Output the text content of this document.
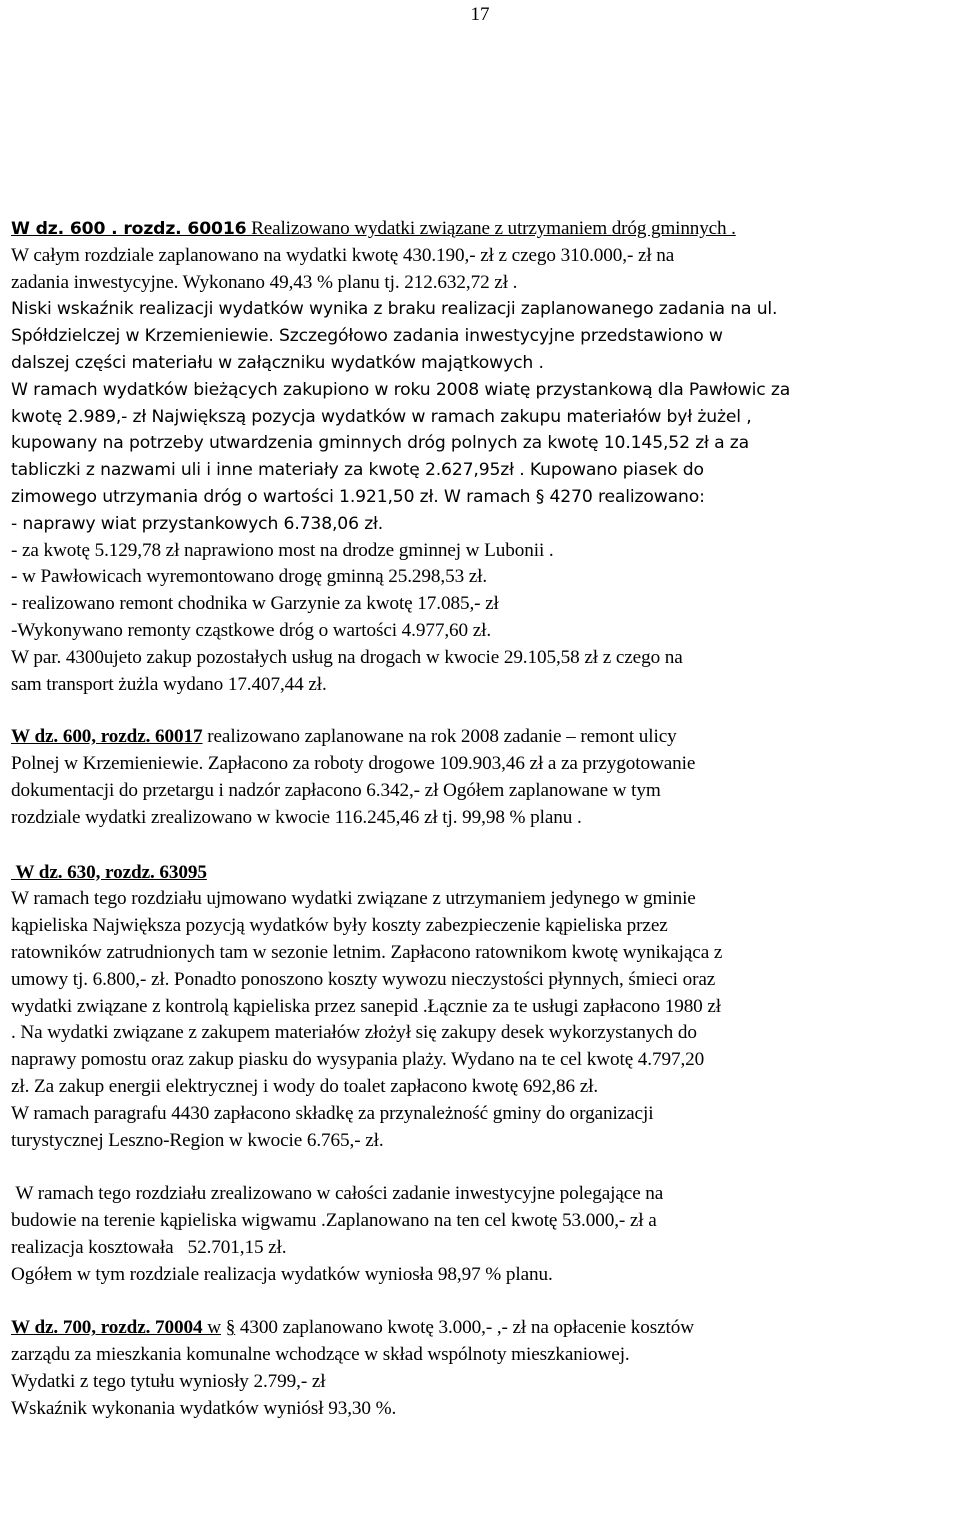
17

W dz. 600 . rozdz. 60016 Realizowano wydatki związane z utrzymaniem dróg gminnych .

W całym rozdziale zaplanowano na wydatki kwotę 430.190,- zł z czego 310.000,- zł na

zadania inwestycyjne. Wykonano 49,43 % planu tj. 212.632,72 zł .

Niski wskaźnik realizacji wydatków wynika z braku realizacji zaplanowanego zadania na ul.

Spółdzielczej w Krzemieniewie. Szczegółowo zadania inwestycyjne przedstawiono w

dalszej części materiału w załączniku wydatków majątkowych .

W ramach wydatków bieżących zakupiono w roku 2008 wiatę przystankową dla Pawłowic za

kwotę 2.989,- zł Największą pozycja wydatków w ramach zakupu materiałów był żużel ,

kupowany na potrzeby utwardzenia gminnych dróg polnych za kwotę 10.145,52 zł a za

tabliczki z nazwami uli i inne materiały za kwotę 2.627,95zł . Kupowano piasek do

zimowego utrzymania dróg o wartości 1.921,50 zł. W ramach § 4270 realizowano:

- naprawy wiat przystankowych 6.738,06 zł.

- za kwotę 5.129,78 zł naprawiono most na drodze gminnej w Lubonii .

- w Pawłowicach wyremontowano drogę gminną 25.298,53 zł.

- realizowano remont chodnika w Garzynie za kwotę 17.085,- zł

-Wykonywano remonty cząstkowe dróg o wartości 4.977,60 zł.

W par. 4300ujeto zakup pozostałych usług na drogach w kwocie 29.105,58 zł z czego na

sam transport żużla wydano 17.407,44 zł.

W dz. 600, rozdz. 60017 realizowano zaplanowane na rok 2008 zadanie – remont ulicy

Polnej w Krzemieniewie. Zapłacono za roboty drogowe 109.903,46 zł a za przygotowanie

dokumentacji do przetargu i nadzór zapłacono 6.342,- zł Ogółem zaplanowane w tym

rozdziale wydatki zrealizowano w kwocie 116.245,46 zł tj. 99,98 % planu .

W dz. 630, rozdz. 63095

W ramach tego rozdziału ujmowano wydatki związane z utrzymaniem jedynego w gminie

kąpieliska Największa pozycją wydatków były koszty zabezpieczenie kąpieliska przez

ratowników zatrudnionych tam w sezonie letnim. Zapłacono ratownikom kwotę wynikająca z

umowy tj. 6.800,- zł. Ponadto ponoszono koszty wywozu nieczystości płynnych, śmieci oraz

wydatki związane z kontrolą kąpieliska przez sanepid .Łącznie za te usługi zapłacono 1980 zł

. Na wydatki związane z zakupem materiałów złożył się zakupy desek wykorzystanych do

naprawy pomostu oraz zakup piasku do wysypania plaży. Wydano na te cel kwotę 4.797,20

zł. Za zakup energii elektrycznej i wody do toalet zapłacono kwotę 692,86 zł.

W ramach paragrafu 4430 zapłacono składkę za przynależność gminy do organizacji

turystycznej Leszno-Region w kwocie 6.765,- zł.

W ramach tego rozdziału zrealizowano w całości zadanie inwestycyjne polegające na

budowie na terenie kąpieliska wigwamu .Zaplanowano na ten cel kwotę 53.000,- zł a

realizacja kosztowała   52.701,15 zł.

Ogółem w tym rozdziale realizacja wydatków wyniosła 98,97 % planu.

W dz. 700, rozdz. 70004 w § 4300 zaplanowano kwotę 3.000,- ,- zł na opłacenie kosztów

zarządu za mieszkania komunalne wchodzące w skład wspólnoty mieszkaniowej.

Wydatki z tego tytułu wyniosły 2.799,- zł

Wskaźnik wykonania wydatków wyniósł 93,30 %.
